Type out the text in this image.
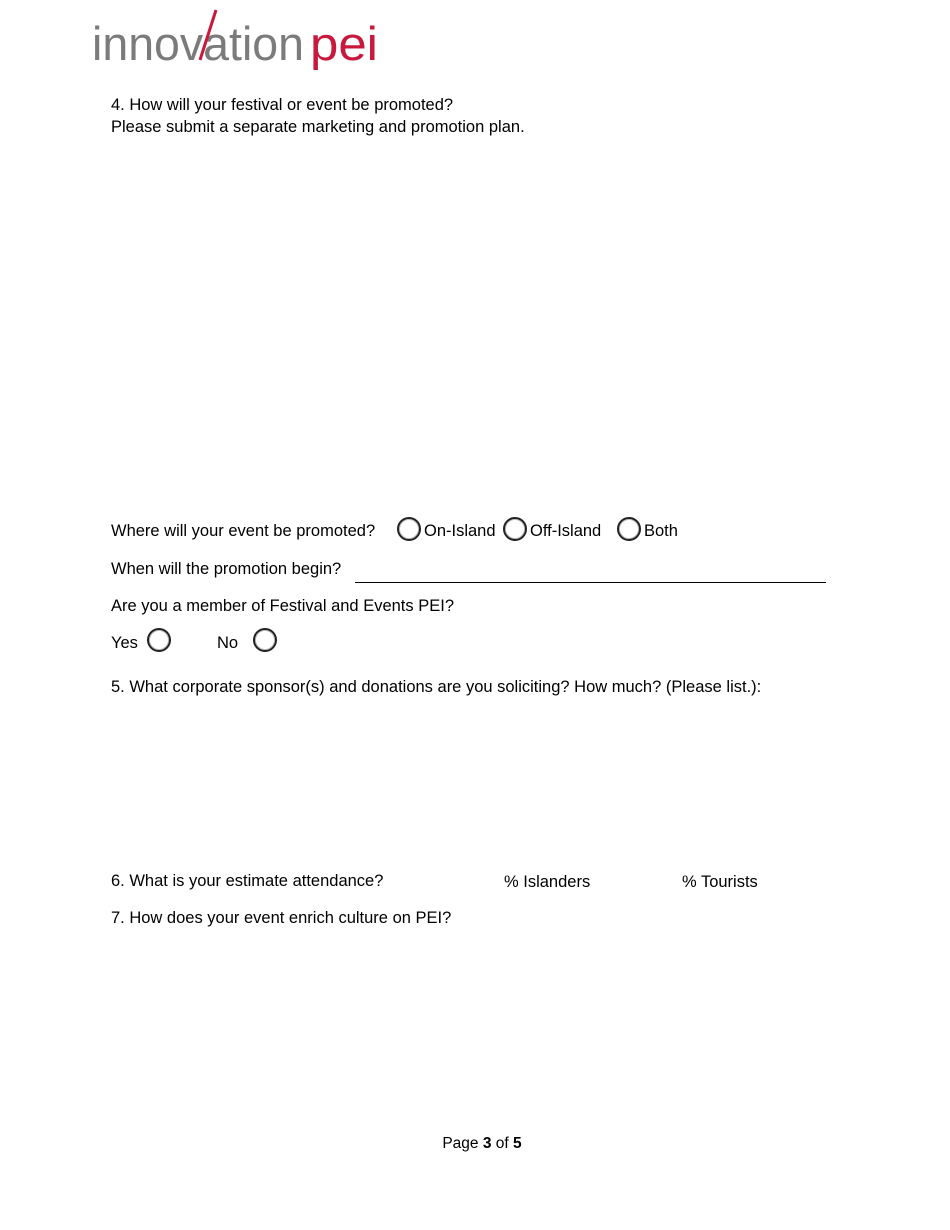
innovation pei
4. How will your festival or event be promoted?
Please submit a separate marketing and promotion plan.
Where will your event be promoted?	On-Island Off-Island	Both
When will the promotion begin?
Are you a member of Festival and Events PEI?
Yes	No
5. What corporate sponsor(s) and donations are you soliciting? How much? (Please list.):
6. What is your estimate attendance?	% Islanders	% Tourists
7. How does your event enrich culture on PEI?
Page 3 of 5
